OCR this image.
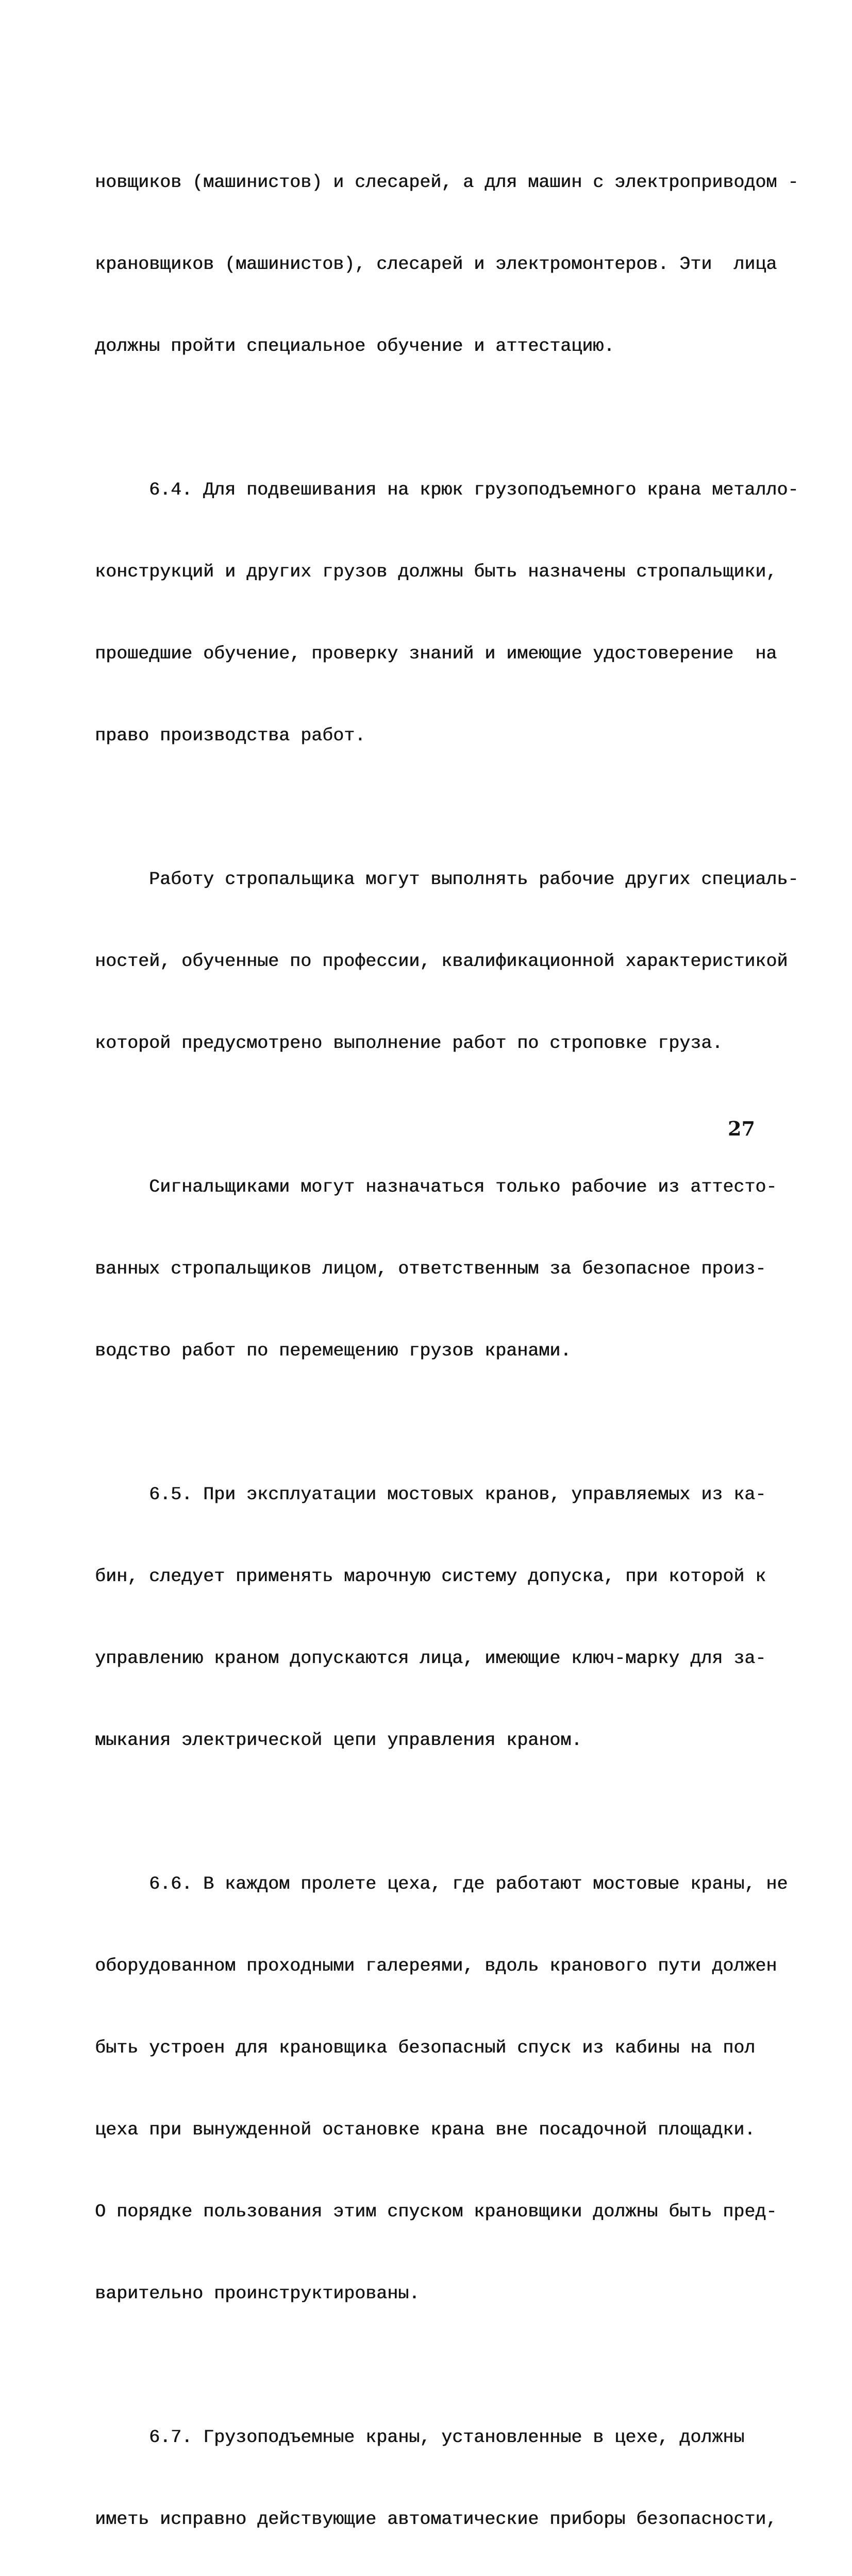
новщиков (машинистов) и слесарей, а для машин с электроприводом -

крановщиков (машинистов), слесарей и электромонтеров. Эти  лица

должны пройти специальное обучение и аттестацию.

6.4. Для подвешивания на крюк грузоподъемного крана металло-

конструкций и других грузов должны быть назначены стропальщики,

прошедшие обучение, проверку знаний и имеющие удостоверение  на

право производства работ.

Работу стропальщика могут выполнять рабочие других специаль-

ностей, обученные по профессии, квалификационной характеристикой

которой предусмотрено выполнение работ по строповке груза.

Сигнальщиками могут назначаться только рабочие из аттесто-

ванных стропальщиков лицом, ответственным за безопасное произ-

водство работ по перемещению грузов кранами.

6.5. При эксплуатации мостовых кранов, управляемых из ка-

бин, следует применять марочную систему допуска, при которой к

управлению краном допускаются лица, имеющие ключ-марку для за-

мыкания электрической цепи управления краном.

6.6. В каждом пролете цеха, где работают мостовые краны, не

оборудованном проходными галереями, вдоль кранового пути должен

быть устроен для крановщика безопасный спуск из кабины на пол

цеха при вынужденной остановке крана вне посадочной площадки.

О порядке пользования этим спуском крановщики должны быть пред-

варительно проинструктированы.

6.7. Грузоподъемные краны, установленные в цехе, должны

иметь исправно действующие автоматические приборы безопасности,

27
